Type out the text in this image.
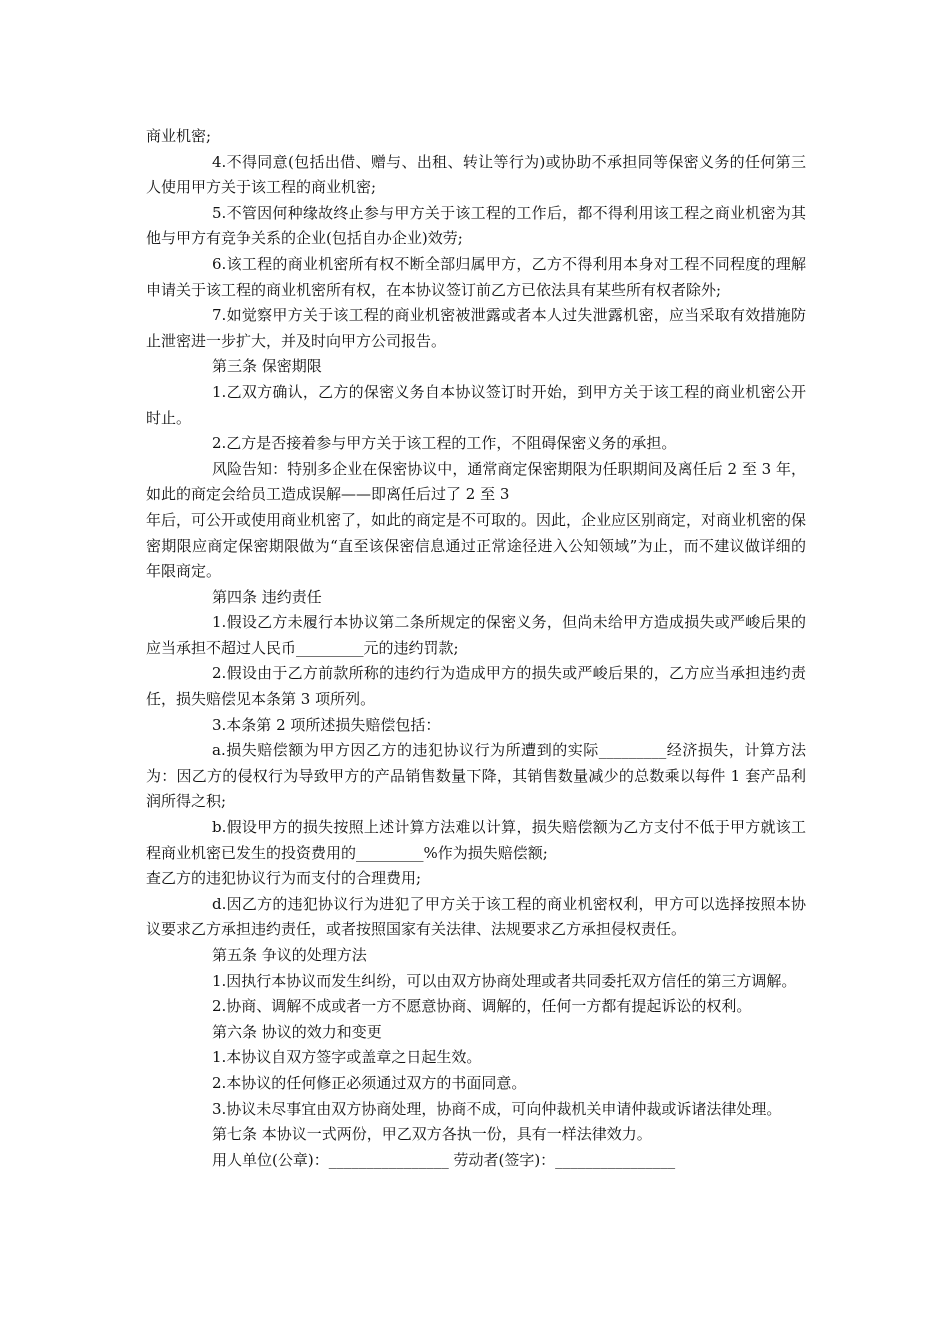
商业机密;

4.不得同意(包括出借、赠与、出租、转让等行为)或协助不承担同等保密义务的任何第三人使用甲方关于该工程的商业机密;

5.不管因何种缘故终止参与甲方关于该工程的工作后，都不得利用该工程之商业机密为其他与甲方有竞争关系的企业(包括自办企业)效劳;

6.该工程的商业机密所有权不断全部归属甲方，乙方不得利用本身对工程不同程度的理解申请关于该工程的商业机密所有权，在本协议签订前乙方已依法具有某些所有权者除外;

7.如觉察甲方关于该工程的商业机密被泄露或者本人过失泄露机密，应当采取有效措施防止泄密进一步扩大，并及时向甲方公司报告。

第三条 保密期限

1.乙双方确认，乙方的保密义务自本协议签订时开始，到甲方关于该工程的商业机密公开时止。

2.乙方是否接着参与甲方关于该工程的工作，不阻碍保密义务的承担。

风险告知：特别多企业在保密协议中，通常商定保密期限为任职期间及离任后 2 至 3 年，如此的商定会给员工造成误解——即离任后过了 2 至 3

年后，可公开或使用商业机密了，如此的商定是不可取的。因此，企业应区别商定，对商业机密的保密期限应商定保密期限做为“直至该保密信息通过正常途径进入公知领域”为止，而不建议做详细的年限商定。

第四条 违约责任

1.假设乙方未履行本协议第二条所规定的保密义务，但尚未给甲方造成损失或严峻后果的应当承担不超过人民币_________元的违约罚款;

2.假设由于乙方前款所称的违约行为造成甲方的损失或严峻后果的，乙方应当承担违约责任，损失赔偿见本条第 3 项所列。

3.本条第 2 项所述损失赔偿包括：

a.损失赔偿额为甲方因乙方的违犯协议行为所遭到的实际_________经济损失，计算方法为：因乙方的侵权行为导致甲方的产品销售数量下降，其销售数量减少的总数乘以每件 1 套产品利润所得之积;

b.假设甲方的损失按照上述计算方法难以计算，损失赔偿额为乙方支付不低于甲方就该工程商业机密已发生的投资费用的_________%作为损失赔偿额;

查乙方的违犯协议行为而支付的合理费用;

d.因乙方的违犯协议行为进犯了甲方关于该工程的商业机密权利，甲方可以选择按照本协议要求乙方承担违约责任，或者按照国家有关法律、法规要求乙方承担侵权责任。

第五条 争议的处理方法

1.因执行本协议而发生纠纷，可以由双方协商处理或者共同委托双方信任的第三方调解。

2.协商、调解不成或者一方不愿意协商、调解的，任何一方都有提起诉讼的权利。

第六条 协议的效力和变更

1.本协议自双方签字或盖章之日起生效。

2.本协议的任何修正必须通过双方的书面同意。

3.协议未尽事宜由双方协商处理，协商不成，可向仲裁机关申请仲裁或诉诸法律处理。

第七条 本协议一式两份，甲乙双方各执一份，具有一样法律效力。

用人单位(公章)：________________ 劳动者(签字)：________________
